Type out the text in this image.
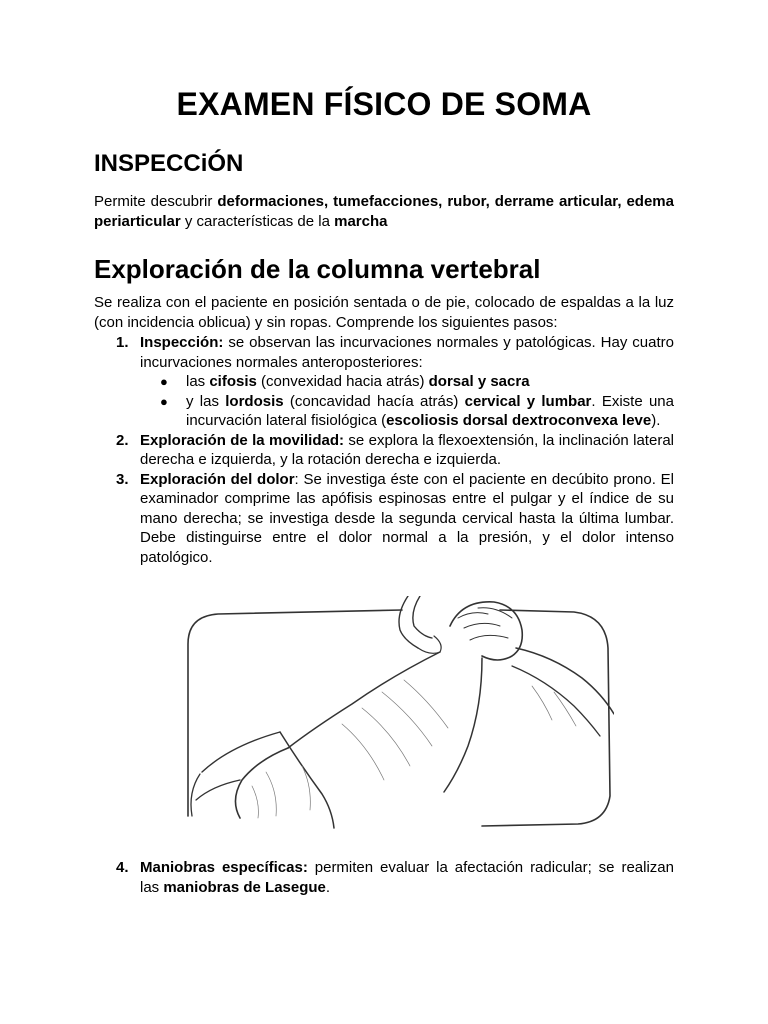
EXAMEN FÍSICO DE SOMA
INSPECCiÓN

Permite descubrir deformaciones, tumefacciones, rubor, derrame articular, edema periarticular y características de la marcha

Exploración de la columna vertebral

Se realiza con el paciente en posición sentada o de pie, colocado de espaldas a la luz (con incidencia oblicua) y sin ropas. Comprende los siguientes pasos:

1. Inspección: se observan las incurvaciones normales y patológicas. Hay cuatro incurvaciones normales anteroposteriores:
● las cifosis (convexidad hacia atrás) dorsal y sacra
● y las lordosis (concavidad hacía atrás) cervical y lumbar. Existe una incurvación lateral fisiológica (escoliosis dorsal dextroconvexa leve).
2. Exploración de la movilidad: se explora la flexoextensión, la inclinación lateral derecha e izquierda, y la rotación derecha e izquierda.
3. Exploración del dolor: Se investiga éste con el paciente en decúbito prono. El examinador comprime las apófisis espinosas entre el pulgar y el índice de su mano derecha; se investiga desde la segunda cervical hasta la última lumbar. Debe distinguirse entre el dolor normal a la presión, y el dolor intenso patológico.
4. Maniobras específicas: permiten evaluar la afectación radicular; se realizan las maniobras de Lasegue.
